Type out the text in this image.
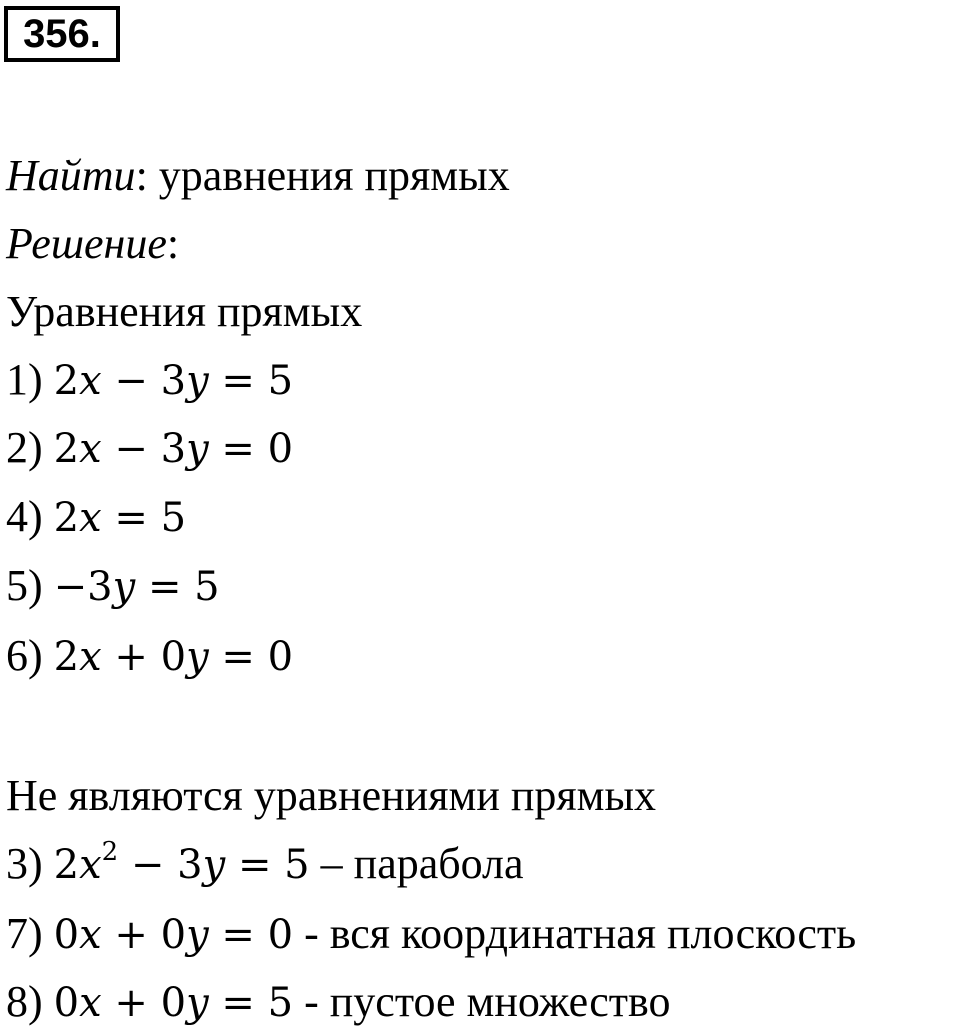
356.
Найти: уравнения прямых
Решение:
Уравнения прямых
1) 2x − 3y = 5
2) 2x − 3y = 0
4) 2x = 5
5) −3y = 5
6) 2x + 0y = 0
Не являются уравнениями прямых
3) $2x^2 - 3y = 5$ – парабола
7) 0x + 0y = 0 - вся координатная плоскость
8) 0x + 0y = 5 - пустое множество
